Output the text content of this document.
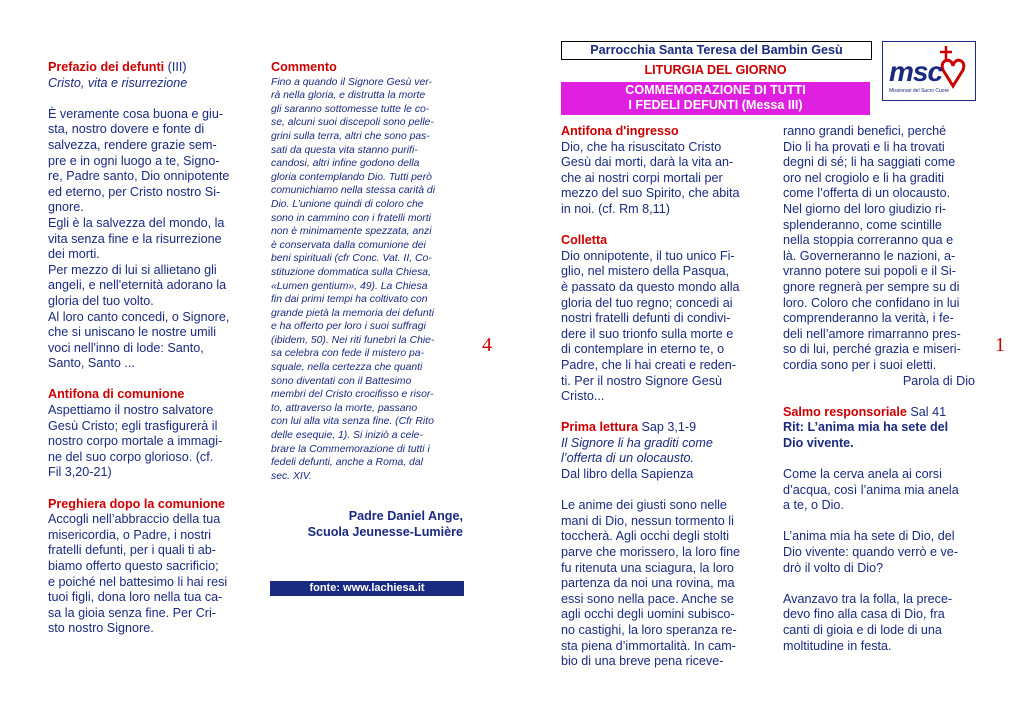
Prefazio dei defunti (III)

Cristo, vita e risurrezione

È veramente cosa buona e giu-

sta, nostro dovere e fonte di

salvezza, rendere grazie sem-

pre e in ogni luogo a te, Signo-

re, Padre santo, Dio onnipotente

ed eterno, per Cristo nostro Si-

gnore.

Egli è la salvezza del mondo, la

vita senza fine e la risurrezione

dei morti.

Per mezzo di lui si allietano gli

angeli, e nell'eternità adorano la

gloria del tuo volto.

Al loro canto concedi, o Signore,

che si uniscano le nostre umili

voci nell'inno di lode: Santo,

Santo, Santo ...

Antifona di comunione

Aspettiamo il nostro salvatore

Gesù Cristo; egli trasfigurerà il

nostro corpo mortale a immagi-

ne del suo corpo glorioso. (cf.

Fil 3,20-21)

Preghiera dopo la comunione

Accogli nell’abbraccio della tua

misericordia, o Padre, i nostri

fratelli defunti, per i quali ti ab-

biamo offerto questo sacrificio;

e poiché nel battesimo li hai resi

tuoi figli, dona loro nella tua ca-

sa la gioia senza fine. Per Cri-

sto nostro Signore.

Commento

Fino a quando il Signore Gesù ver-

rà nella gloria, e distrutta la morte

gli saranno sottomesse tutte le co-

se, alcuni suoi discepoli sono pelle-

grini sulla terra, altri che sono pas-

sati da questa vita stanno purifi-

candosi, altri infine godono della

gloria contemplando Dio. Tutti però

comunichiamo nella stessa carità di

Dio. L’unione quindi di coloro che

sono in cammino con i fratelli morti

non è minimamente spezzata, anzi

è conservata dalla comunione dei

beni spirituali (cfr Conc. Vat. II, Co-

stituzione dommatica sulla Chiesa,

«Lumen gentium», 49). La Chiesa

fin dai primi tempi ha coltivato con

grande pietà la memoria dei defunti

e ha offerto per loro i suoi suffragi

(ibidem, 50). Nei riti funebri la Chie-

sa celebra con fede il mistero pa-

squale, nella certezza che quanti

sono diventati con il Battesimo

membri del Cristo crocifisso e risor-

to, attraverso la morte, passano

con lui alla vita senza fine. (Cfr Rito

delle esequie, 1). Si iniziò a cele-

brare la Commemorazione di tutti i

fedeli defunti, anche a Roma, dal

sec. XIV.

Padre Daniel Ange,

Scuola Jeunesse-Lumière

fonte: www.lachiesa.it
4	1
Parrocchia Santa Teresa del Bambin Gesù
LITURGIA DEL GIORNO
COMMEMORAZIONE DI TUTTI
I FEDELI DEFUNTI (Messa III)
msc
Missionari del Sacro Cuore

Antifona d'ingresso

Dio, che ha risuscitato Cristo

Gesù dai morti, darà la vita an-

che ai nostri corpi mortali per

mezzo del suo Spirito, che abita

in noi. (cf. Rm 8,11)

Colletta

Dio onnipotente, il tuo unico Fi-

glio, nel mistero della Pasqua,

è passato da questo mondo alla

gloria del tuo regno; concedi ai

nostri fratelli defunti di condivi-

dere il suo trionfo sulla morte e

di contemplare in eterno te, o

Padre, che li hai creati e reden-

ti. Per il nostro Signore Gesù

Cristo...

Prima lettura Sap 3,1-9

Il Signore li ha graditi come

l’offerta di un olocausto.

Dal libro della Sapienza

Le anime dei giusti sono nelle

mani di Dio, nessun tormento li

toccherà. Agli occhi degli stolti

parve che morissero, la loro fine

fu ritenuta una sciagura, la loro

partenza da noi una rovina, ma

essi sono nella pace. Anche se

agli occhi degli uomini subisco-

no castighi, la loro speranza re-

sta piena d’immortalità. In cam-

bio di una breve pena riceve-

ranno grandi benefici, perché

Dio li ha provati e li ha trovati

degni di sé; li ha saggiati come

oro nel crogiolo e li ha graditi

come l’offerta di un olocausto.

Nel giorno del loro giudizio ri-

splenderanno, come scintille

nella stoppia correranno qua e

là. Governeranno le nazioni, a-

vranno potere sui popoli e il Si-

gnore regnerà per sempre su di

loro. Coloro che confidano in lui

comprenderanno la verità, i fe-

deli nell’amore rimarranno pres-

so di lui, perché grazia e miseri-

cordia sono per i suoi eletti.

Parola di Dio

Salmo responsoriale Sal 41

Rit: L’anima mia ha sete del

Dio vivente.

Come la cerva anela ai corsi

d’acqua, così l’anima mia anela

a te, o Dio.

L’anima mia ha sete di Dio, del

Dio vivente: quando verrò e ve-

drò il volto di Dio?

Avanzavo tra la folla, la prece-

devo fino alla casa di Dio, fra

canti di gioia e di lode di una

moltitudine in festa.
